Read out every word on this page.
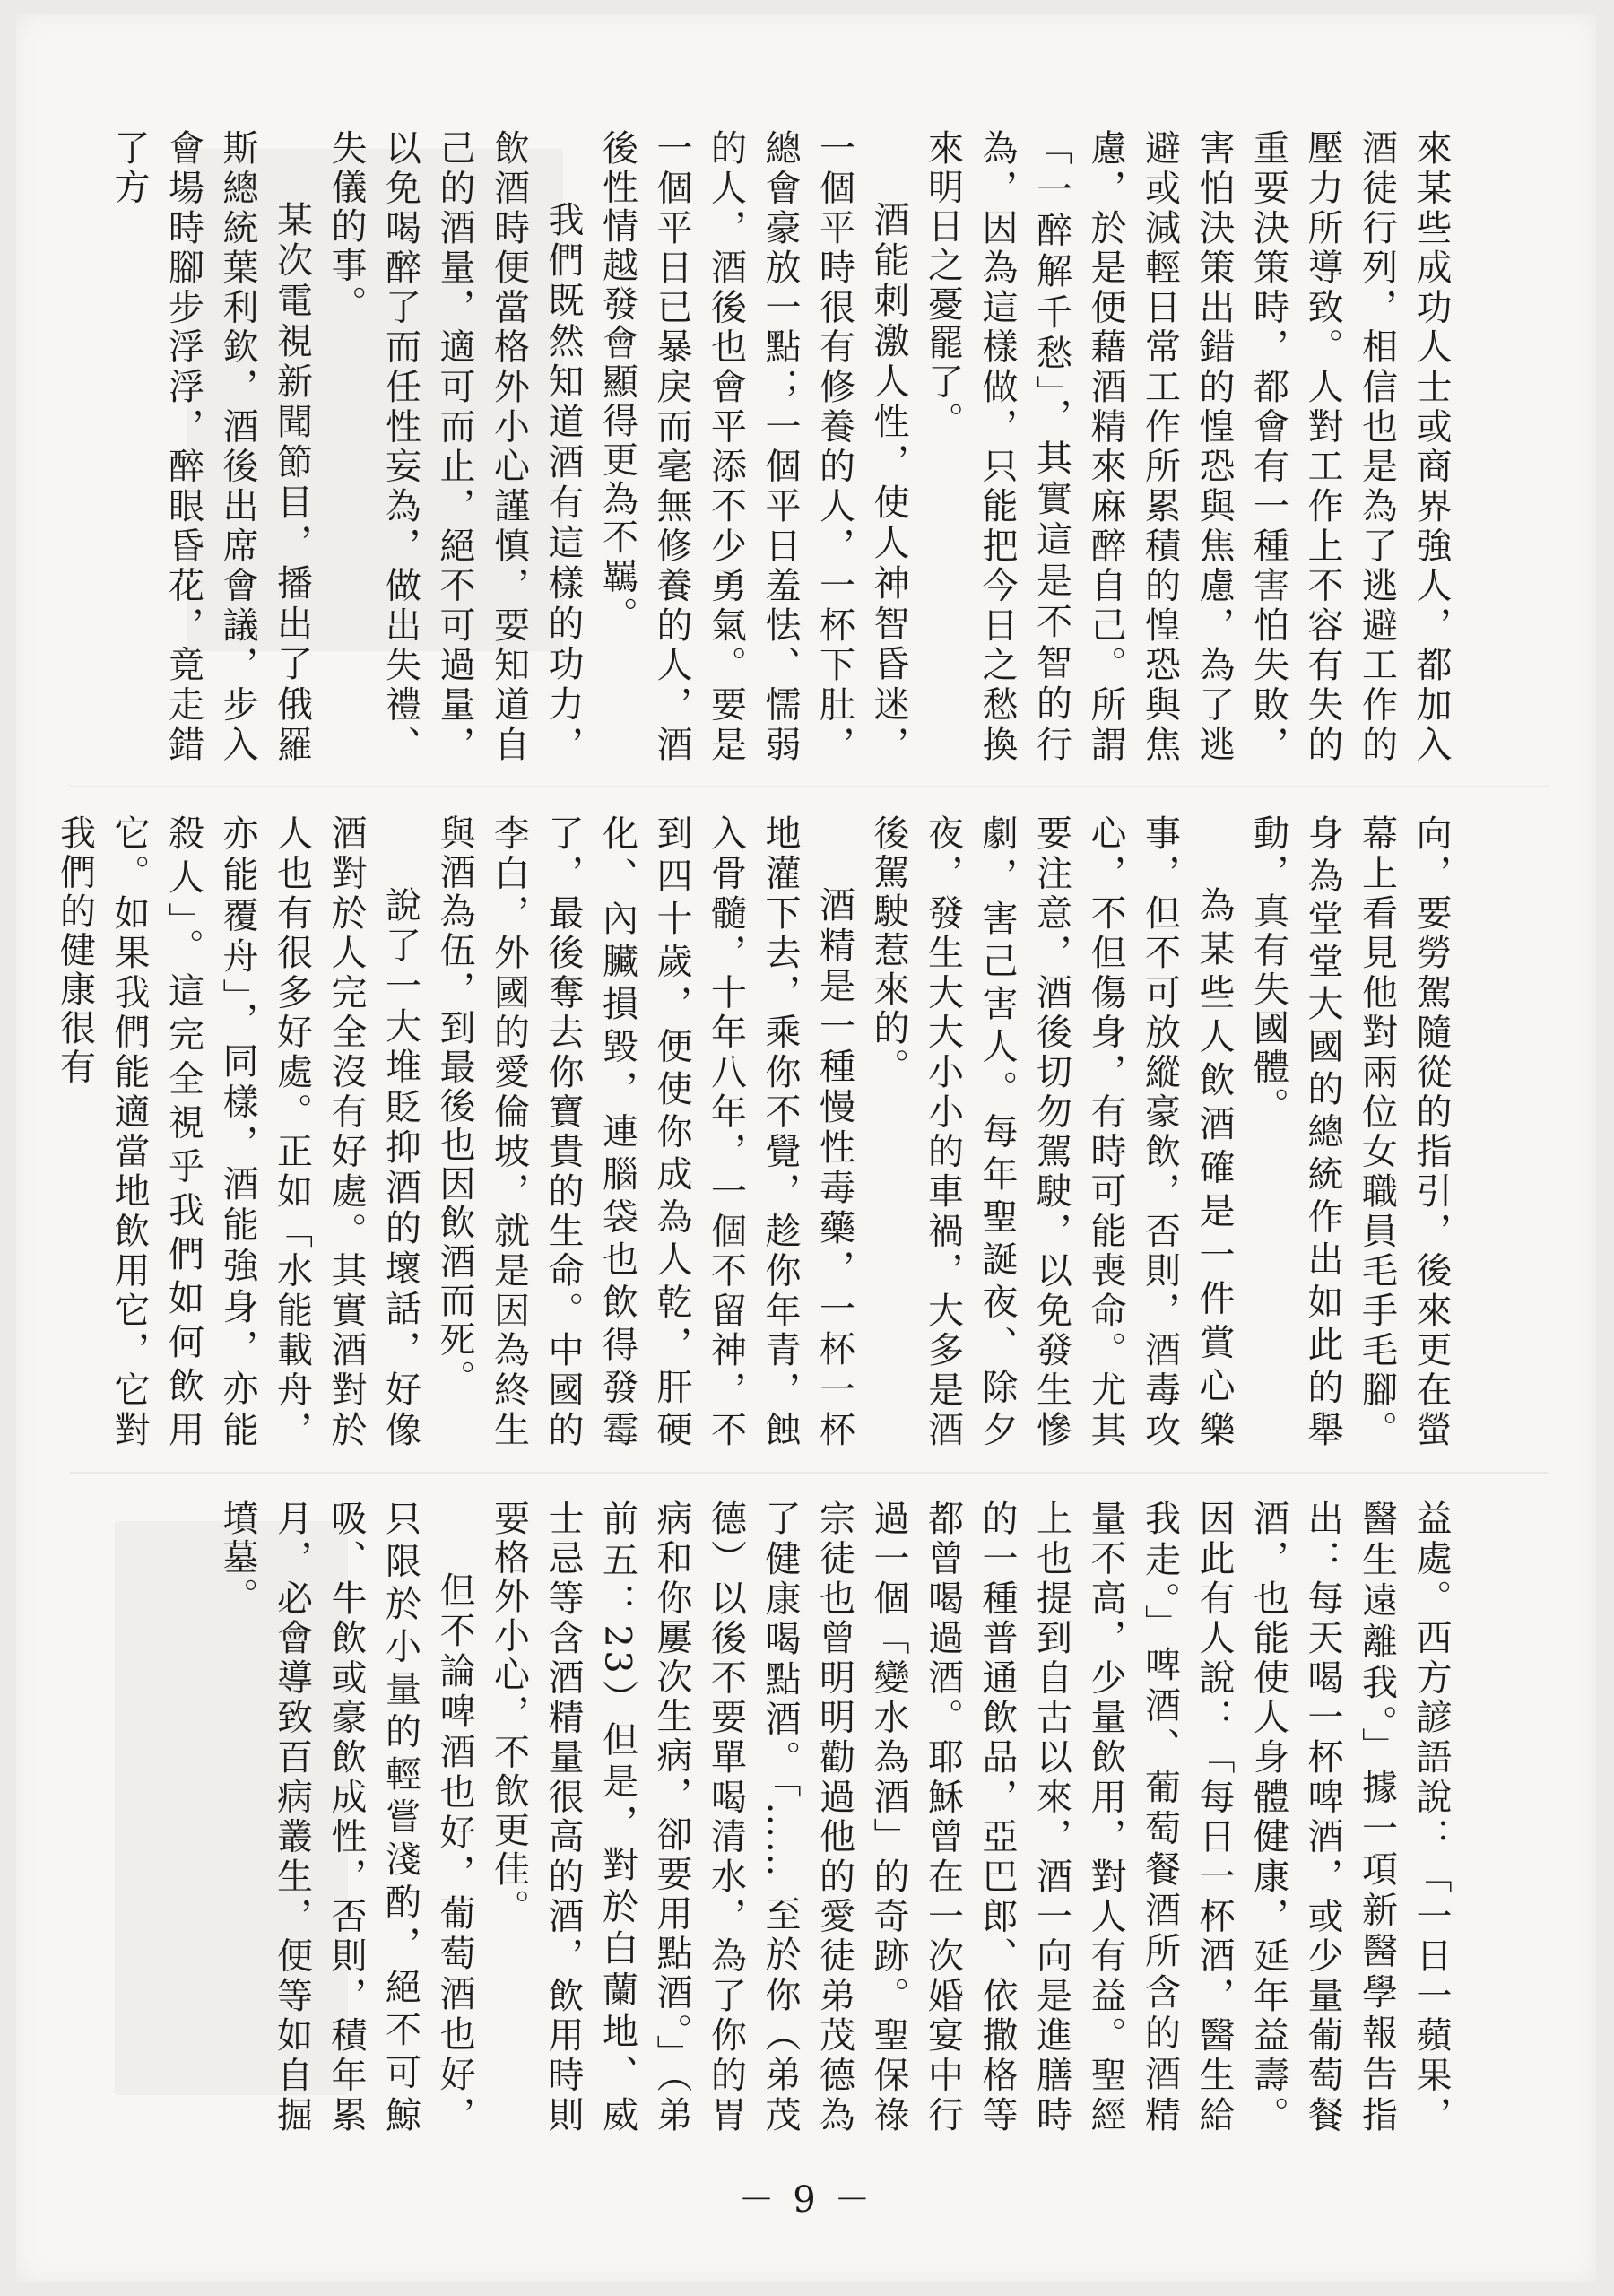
來某些成功人士或商界強人，都加入酒徒行列，相信也是為了逃避工作的壓力所導致。人對工作上不容有失的重要決策時，都會有一種害怕失敗，害怕決策出錯的惶恐與焦慮，為了逃避或減輕日常工作所累積的惶恐與焦慮，於是便藉酒精來麻醉自己。所謂「一醉解千愁」，其實這是不智的行為，因為這樣做，只能把今日之愁換來明日之憂罷了。

酒能刺激人性，使人神智昏迷，一個平時很有修養的人，一杯下肚，總會豪放一點；一個平日羞怯、懦弱的人，酒後也會平添不少勇氣。要是一個平日已暴戾而毫無修養的人，酒後性情越發會顯得更為不羈。

我們既然知道酒有這樣的功力，飲酒時便當格外小心謹慎，要知道自己的酒量，適可而止，絕不可過量，以免喝醉了而任性妄為，做出失禮、失儀的事。

某次電視新聞節目，播出了俄羅斯總統葉利欽，酒後出席會議，步入會場時腳步浮浮，醉眼昏花，竟走錯了方

向，要勞駕隨從的指引，後來更在螢幕上看見他對兩位女職員毛手毛腳。身為堂堂大國的總統作出如此的舉動，真有失國體。

為某些人飲酒確是一件賞心樂事，但不可放縱豪飲，否則，酒毒攻心，不但傷身，有時可能喪命。尤其要注意，酒後切勿駕駛，以免發生慘劇，害己害人。每年聖誕夜、除夕夜，發生大大小小的車禍，大多是酒後駕駛惹來的。

酒精是一種慢性毒藥，一杯一杯地灌下去，乘你不覺，趁你年青，蝕入骨髓，十年八年，一個不留神，不到四十歲，便使你成為人乾，肝硬化、內臟損毀，連腦袋也飲得發霉了，最後奪去你寶貴的生命。中國的李白，外國的愛倫坡，就是因為終生與酒為伍，到最後也因飲酒而死。

說了一大堆貶抑酒的壞話，好像酒對於人完全沒有好處。其實酒對於人也有很多好處。正如「水能載舟，亦能覆舟」，同樣，酒能強身，亦能殺人」。這完全視乎我們如何飲用它。如果我們能適當地飲用它，它對我們的健康很有

益處。西方諺語說：「一日一蘋果，醫生遠離我。」據一項新醫學報告指出：每天喝一杯啤酒，或少量葡萄餐酒，也能使人身體健康，延年益壽。因此有人說：「每日一杯酒，醫生給我走。」啤酒、葡萄餐酒所含的酒精量不高，少量飲用，對人有益。聖經上也提到自古以來，酒一向是進膳時的一種普通飲品，亞巴郎、依撒格等都曾喝過酒。耶穌曾在一次婚宴中行過一個「變水為酒」的奇跡。聖保祿宗徒也曾明明勸過他的愛徒弟茂德為了健康喝點酒。「…… 至於你（弟茂德）以後不要單喝清水，為了你的胃病和你屢次生病，卻要用點酒。」（弟前五：23）但是，對於白蘭地、威士忌等含酒精量很高的酒，飲用時則要格外小心，不飲更佳。

但不論啤酒也好，葡萄酒也好，只限於小量的輕嘗淺酌，絕不可鯨吸、牛飲或豪飲成性，否則，積年累月，必會導致百病叢生，便等如自掘墳墓。

－ 9 －
